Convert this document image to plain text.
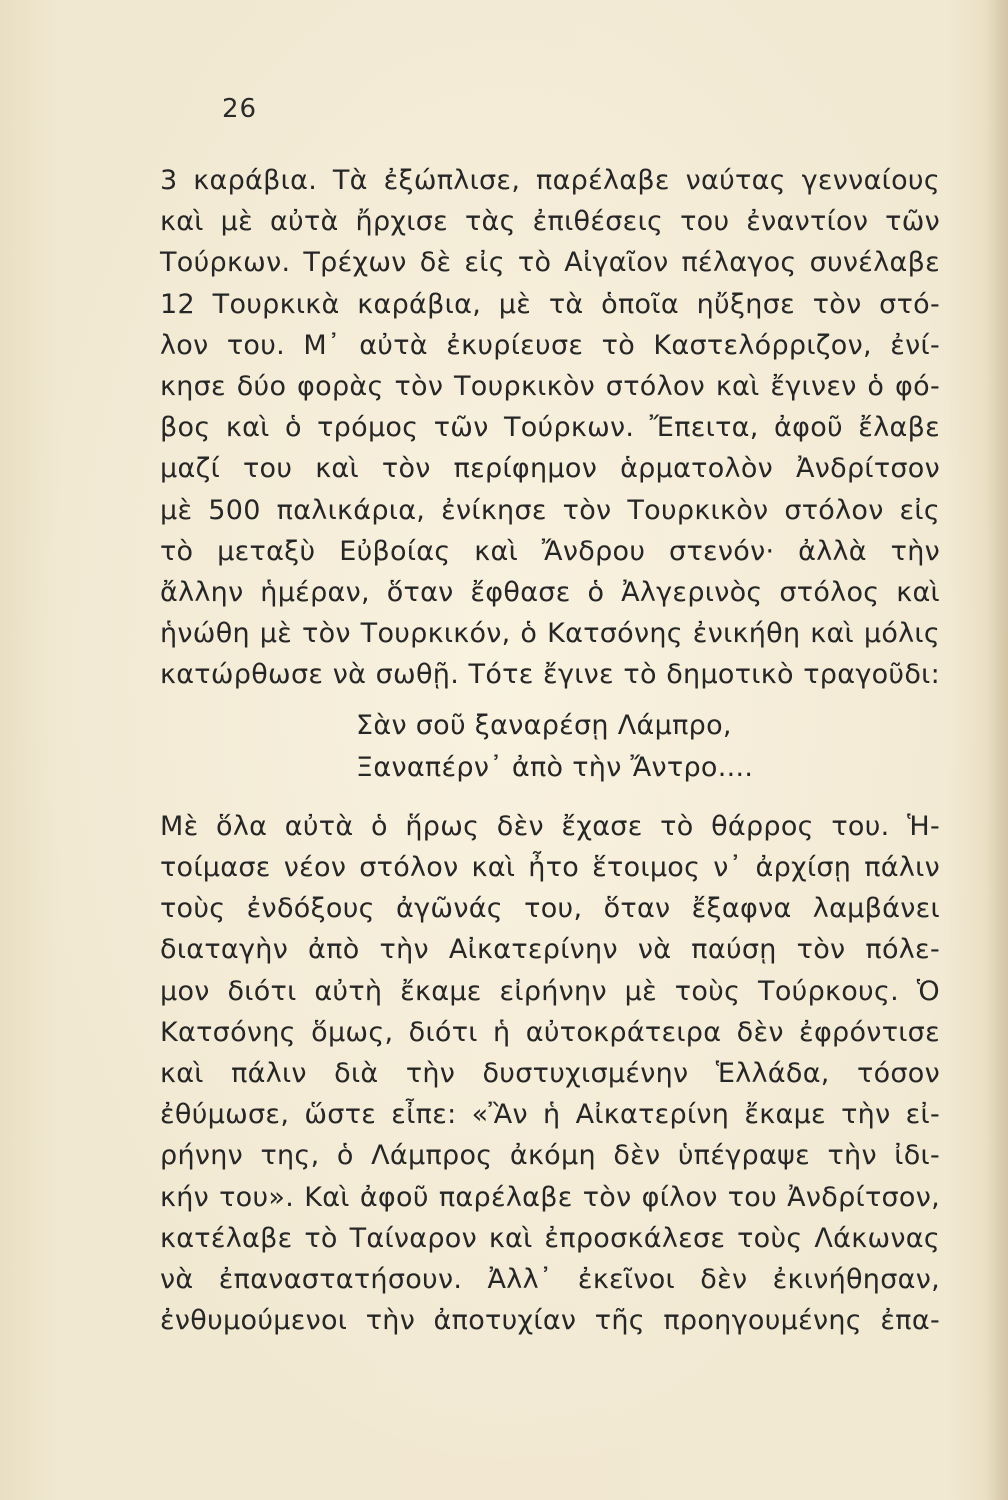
26
3 καράβια. Τὰ ἐξώπλισε, παρέλαβε ναύτας γενναίους
καὶ μὲ αὐτὰ ἤρχισε τὰς ἐπιθέσεις του ἐναντίον τῶν
Τούρκων. Τρέχων δὲ εἰς τὸ Αἰγαῖον πέλαγος συνέλαβε
12 Τουρκικὰ καράβια, μὲ τὰ ὁποῖα ηὔξησε τὸν στό-
λον του. Μ᾽ αὐτὰ ἐκυρίευσε τὸ Καστελόρριζον, ἐνί-
κησε δύο φορὰς τὸν Τουρκικὸν στόλον καὶ ἔγινεν ὁ φό-
βος καὶ ὁ τρόμος τῶν Τούρκων. Ἔπειτα, ἀφοῦ ἔλαβε
μαζί του καὶ τὸν περίφημον ἁρματολὸν Ἀνδρίτσον
μὲ 500 παλικάρια, ἐνίκησε τὸν Τουρκικὸν στόλον εἰς
τὸ μεταξὺ Εὐβοίας καὶ Ἄνδρου στενόν· ἀλλὰ τὴν
ἄλλην ἡμέραν, ὅταν ἔφθασε ὁ Ἀλγερινὸς στόλος καὶ
ἡνώθη μὲ τὸν Τουρκικόν, ὁ Κατσόνης ἐνικήθη καὶ μόλις
κατώρθωσε νὰ σωθῇ. Τότε ἔγινε τὸ δημοτικὸ τραγοῦδι:
Σὰν σοῦ ξαναρέσῃ Λάμπρο,
Ξαναπέρν᾽ ἀπὸ τὴν Ἄντρο....
Μὲ ὅλα αὐτὰ ὁ ἥρως δὲν ἔχασε τὸ θάρρος του. Ἡ-
τοίμασε νέον στόλον καὶ ἦτο ἕτοιμος ν᾽ ἀρχίσῃ πάλιν
τοὺς ἐνδόξους ἀγῶνάς του, ὅταν ἔξαφνα λαμβάνει
διαταγὴν ἀπὸ τὴν Αἰκατερίνην νὰ παύσῃ τὸν πόλε-
μον διότι αὐτὴ ἔκαμε εἰρήνην μὲ τοὺς Τούρκους. Ὁ
Κατσόνης ὅμως, διότι ἡ αὐτοκράτειρα δὲν ἐφρόντισε
καὶ πάλιν διὰ τὴν δυστυχισμένην Ἑλλάδα, τόσον
ἐθύμωσε, ὥστε εἶπε: «Ἂν ἡ Αἰκατερίνη ἔκαμε τὴν εἰ-
ρήνην της, ὁ Λάμπρος ἀκόμη δὲν ὑπέγραψε τὴν ἰδι-
κήν του». Καὶ ἀφοῦ παρέλαβε τὸν φίλον του Ἀνδρίτσον,
κατέλαβε τὸ Ταίναρον καὶ ἐπροσκάλεσε τοὺς Λάκωνας
νὰ ἐπαναστατήσουν. Ἀλλ᾽ ἐκεῖνοι δὲν ἐκινήθησαν,
ἐνθυμούμενοι τὴν ἀποτυχίαν τῆς προηγουμένης ἐπα-
